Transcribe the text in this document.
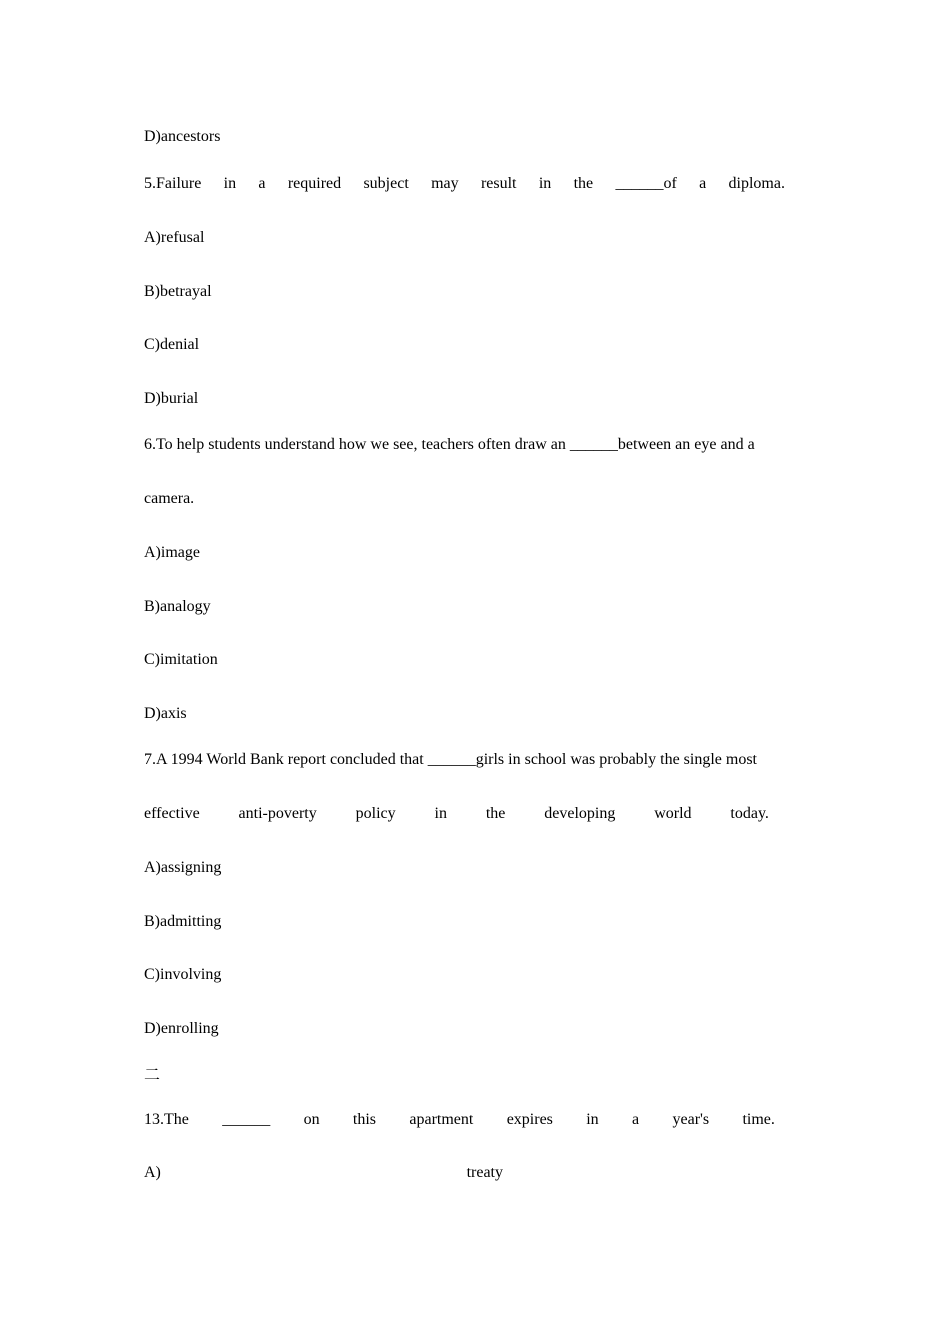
D)ancestors
5.Failure in a required subject may result in the ______of a diploma.
A)refusal
B)betrayal
C)denial
D)burial
6.To help students understand how we see, teachers often draw an ______between an eye and a
camera.
A)image
B)analogy
C)imitation
D)axis
7.A 1994 World Bank report concluded that ______girls in school was probably the single most
effective anti-poverty policy in the developing world today.
A)assigning
B)admitting
C)involving
D)enrolling
二
13.The ______ on this apartment expires in a year's time.
A)	treaty
